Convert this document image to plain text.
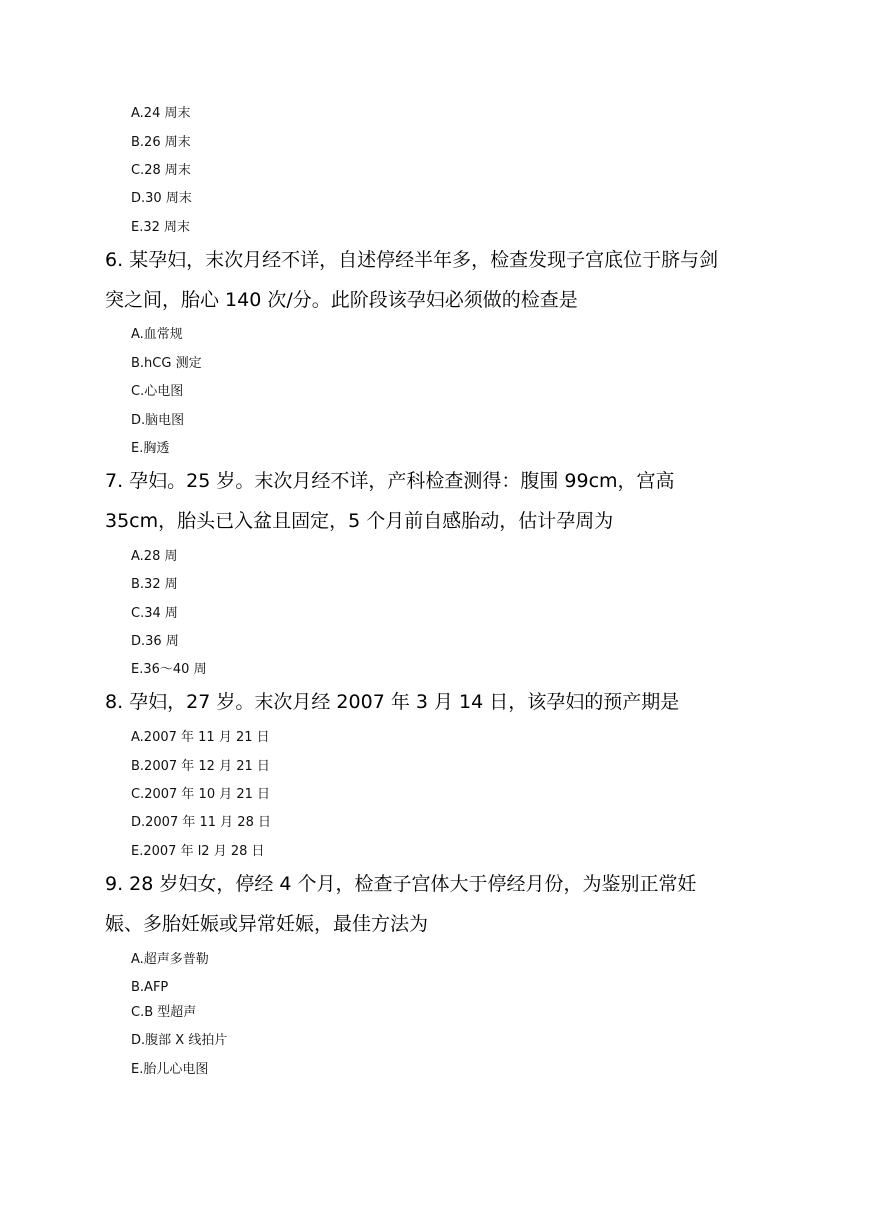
A.24 周末
B.26 周末
C.28 周末
D.30 周末
E.32 周末
6. 某孕妇，末次月经不详，自述停经半年多，检查发现子宫底位于脐与剑
突之间，胎心 140 次/分。此阶段该孕妇必须做的检查是
A.血常规
B.hCG 测定
C.心电图
D.脑电图
E.胸透
7. 孕妇。25 岁。末次月经不详，产科检查测得：腹围 99cm，宫高
35cm，胎头已入盆且固定，5 个月前自感胎动，估计孕周为
A.28 周
B.32 周
C.34 周
D.36 周
E.36～40 周
8. 孕妇，27 岁。末次月经 2007 年 3 月 14 日，该孕妇的预产期是
A.2007 年 11 月 21 日
B.2007 年 12 月 21 日
C.2007 年 10 月 21 日
D.2007 年 11 月 28 日
E.2007 年 l2 月 28 日
9. 28 岁妇女，停经 4 个月，检查子宫体大于停经月份，为鉴别正常妊
娠、多胎妊娠或异常妊娠，最佳方法为
A.超声多普勒
B.AFP
C.B 型超声
D.腹部 X 线拍片
E.胎儿心电图
